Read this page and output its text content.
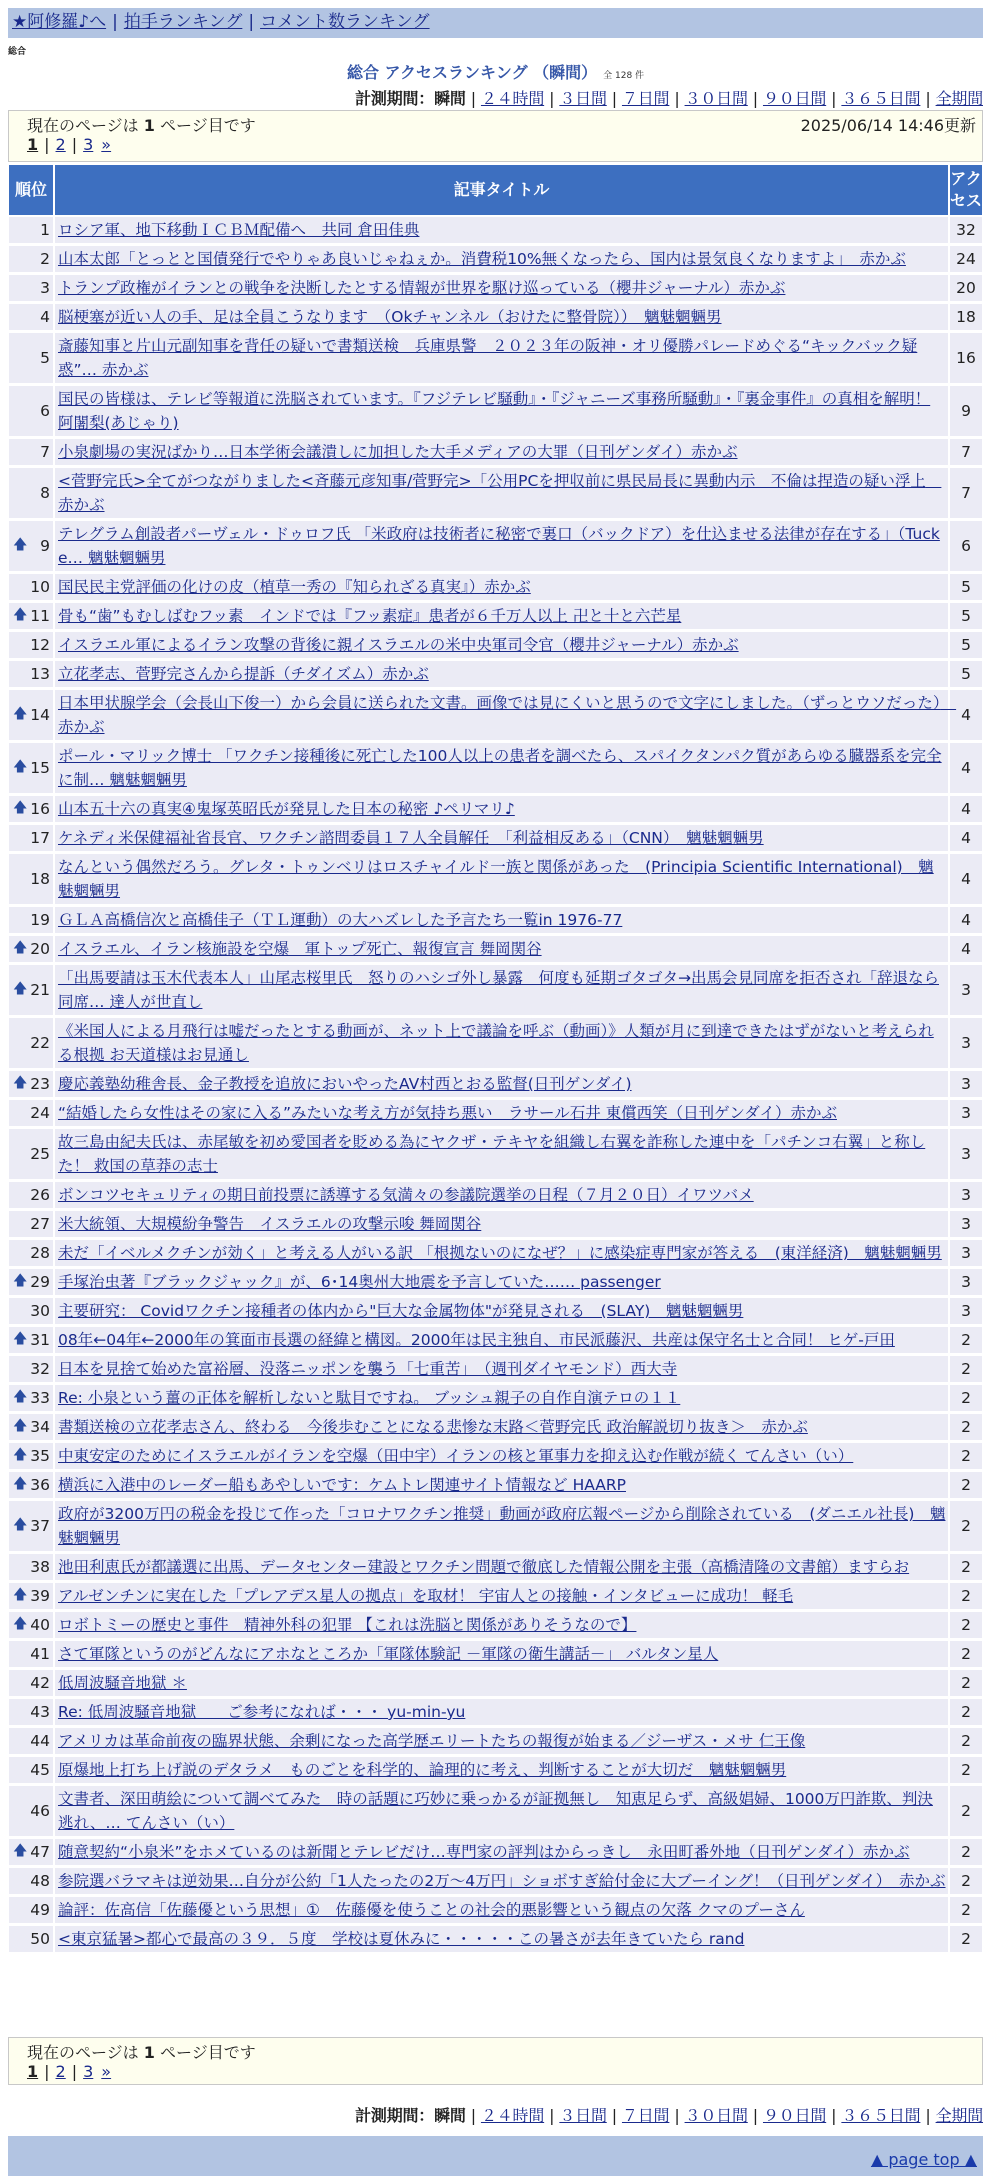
★阿修羅♪へ | 拍手ランキング | コメント数ランキング
総合
総合 アクセスランキング （瞬間） 全 128 件
計測期間：瞬間 | ２４時間 | ３日間 | ７日間 | ３０日間 | ９０日間 | ３６５日間 | 全期間
現在のページは 1 ページ目です	2025/06/14 14:46更新
1 | 2 | 3 »
順位	記事タイトル	アクセス
1	ロシア軍、地下移動ＩＣＢＭ配備へ　共同 倉田佳典	32
2	山本太郎「とっとと国債発行でやりゃあ良いじゃねぇか。消費税10%無くなったら、国内は景気良くなりますよ」　赤かぶ	24
3	トランプ政権がイランとの戦争を決断したとする情報が世界を駆け巡っている（櫻井ジャーナル）赤かぶ	20
4	脳梗塞が近い人の手、足は全員こうなります　（Okチャンネル（おけたに整骨院））　魑魅魍魎男	18
5	斎藤知事と片山元副知事を背任の疑いで書類送検　兵庫県警　２０２３年の阪神・オリ優勝パレードめぐる“キックバック疑惑”… 赤かぶ	16
6	国民の皆様は、テレビ等報道に洗脳されています。『フジテレビ騒動』・『ジャニーズ事務所騒動』・『裏金事件』の真相を解明！ 阿闍梨(あじゃり)	9
7	小泉劇場の実況ばかり…日本学術会議潰しに加担した大手メディアの大罪（日刊ゲンダイ）赤かぶ	7
8	<菅野完氏>全てがつながりました<斉藤元彦知事/菅野完>「公用PCを押収前に県民局長に異動内示　不倫は捏造の疑い浮上　赤かぶ	7

🡅 9	テレグラム創設者パーヴェル・ドゥロフ氏 「米政府は技術者に秘密で裏口（バックドア）を仕込ませる法律が存在する」（Tucke… 魑魅魍魎男	6
10	国民民主党評価の化けの皮（植草一秀の『知られざる真実』）赤かぶ	5

🡅 11	骨も“歯”もむしばむフッ素　インドでは『フッ素症』患者が６千万人以上 卍と十と六芒星	5
12	イスラエル軍によるイラン攻撃の背後に親イスラエルの米中央軍司令官（櫻井ジャーナル）赤かぶ	5
13	立花孝志、菅野完さんから提訴（チダイズム）赤かぶ	5

🡅 14	日本甲状腺学会（会長山下俊一）から会員に送られた文書。画像では見にくいと思うので文字にしました。（ずっとウソだった）　赤かぶ	4

🡅 15	ポール・マリック博士 「ワクチン接種後に死亡した100人以上の患者を調べたら、スパイクタンパク質があらゆる臓器系を完全に制… 魑魅魍魎男	4

🡅 16	山本五十六の真実④鬼塚英昭氏が発見した日本の秘密 ♪ペリマリ♪	4
17	ケネディ米保健福祉省長官、ワクチン諮問委員１７人全員解任　「利益相反ある」（CNN）　魑魅魍魎男	4
18	なんという偶然だろう。グレタ・トゥンベリはロスチャイルド一族と関係があった　(Principia Scientific International)　魑魅魍魎男	4
19	ＧＬＡ高橋信次と高橋佳子（ＴＬ運動）の大ハズレした予言たち一覧in 1976-77	4

🡅 20	イスラエル、イラン核施設を空爆　軍トップ死亡、報復宣言 舞岡関谷	4

🡅 21	「出馬要請は玉木代表本人」山尾志桜里氏　怒りのハシゴ外し暴露　何度も延期ゴタゴタ→出馬会見同席を拒否され「辞退なら同席… 達人が世直し	3
22	《米国人による月飛行は嘘だったとする動画が、ネット上で議論を呼ぶ（動画）》人類が月に到達できたはずがないと考えられる根拠 お天道様はお見通し	3

🡅 23	慶応義塾幼稚舎長、金子教授を追放においやったAV村西とおる監督(日刊ゲンダイ)	3
24	“結婚したら女性はその家に入る”みたいな考え方が気持ち悪い　ラサール石井 東償西笑（日刊ゲンダイ）赤かぶ	3
25	故三島由紀夫氏は、赤尾敏を初め愛国者を貶める為にヤクザ・テキヤを組織し右翼を詐称した連中を「パチンコ右翼」と称した！ 救国の草莽の志士	3
26	ボンコツセキュリティの期日前投票に誘導する気満々の参議院選挙の日程（７月２０日）イワツバメ	3
27	米大統領、大規模紛争警告　イスラエルの攻撃示唆 舞岡関谷	3
28	未だ「イベルメクチンが効く」と考える人がいる訳 「根拠ないのになぜ？」に感染症専門家が答える　(東洋経済)　魑魅魍魎男	3

🡅 29	手塚治虫著『ブラックジャック』が、6･14奥州大地震を予言していた…… passenger	3
30	主要研究： Covidワクチン接種者の体内から"巨大な金属物体"が発見される　(SLAY)　魑魅魍魎男	3

🡅 31	08年←04年←2000年の箕面市長選の経緯と構図。2000年は民主独自、市民派藤沢、共産は保守名士と合同！ ヒゲ-戸田	2
32	日本を見捨て始めた富裕層、没落ニッポンを襲う「七重苦」　（週刊ダイヤモンド）西大寺	2

🡅 33	Re: 小泉という薑の正体を解析しないと駄目ですね。 ブッシュ親子の自作自演テロの１１	2

🡅 34	書類送検の立花孝志さん、終わる　今後歩むことになる悲惨な末路＜菅野完氏 政治解説切り抜き＞　赤かぶ	2

🡅 35	中東安定のためにイスラエルがイランを空爆（田中宇）イランの核と軍事力を抑え込む作戦が続く てんさい（い）	2

🡅 36	横浜に入港中のレーダー船もあやしいです：ケムトレ関連サイト情報など HAARP	2

🡅 37	政府が3200万円の税金を投じて作った「コロナワクチン推奨」動画が政府広報ページから削除されている　(ダニエル社長)　魑魅魍魎男	2
38	池田利恵氏が都議選に出馬、データセンター建設とワクチン問題で徹底した情報公開を主張（高橋清隆の文書館）ますらお	2

🡅 39	アルゼンチンに実在した「プレアデス星人の拠点」を取材！ 宇宙人との接触・インタビューに成功！ 軽毛	2

🡅 40	ロボトミーの歴史と事件　精神外科の犯罪 【これは洗脳と関係がありそうなので】	2
41	さて軍隊というのがどんなにアホなところか「軍隊体験記 －軍隊の衛生講話－」 バルタン星人	2
42	低周波騒音地獄 ＊	2
43	Re: 低周波騒音地獄　　ご参考になれば・・・ yu-min-yu	2
44	アメリカは革命前夜の臨界状態、余剰になった高学歴エリートたちの報復が始まる／ジーザス・メサ 仁王像	2
45	原爆地上打ち上げ説のデタラメ　ものごとを科学的、論理的に考え、判断することが大切だ　魑魅魍魎男	2
46	文書者、深田萌絵について調べてみた　時の話題に巧妙に乗っかるが証拠無し　知恵足らず、高級娼婦、1000万円詐欺、判決逃れ、… てんさい（い）	2

🡅 47	随意契約“小泉米”をホメているのは新聞とテレビだけ…専門家の評判はからっきし　永田町番外地（日刊ゲンダイ）赤かぶ	2
48	参院選バラマキは逆効果…自分が公約「1人たったの2万～4万円」ショボすぎ給付金に大ブーイング！（日刊ゲンダイ）　赤かぶ	2
49	論評：佐高信「佐藤優という思想」①　佐藤優を使うことの社会的悪影響という観点の欠落 クマのプーさん	2
50	<東京猛暑>都心で最高の３９．５度　学校は夏休みに・・・・・この暑さが去年きていたら rand	2
現在のページは 1 ページ目です
1 | 2 | 3 »
計測期間：瞬間 | ２４時間 | ３日間 | ７日間 | ３０日間 | ９０日間 | ３６５日間 | 全期間
▲ page top ▲
